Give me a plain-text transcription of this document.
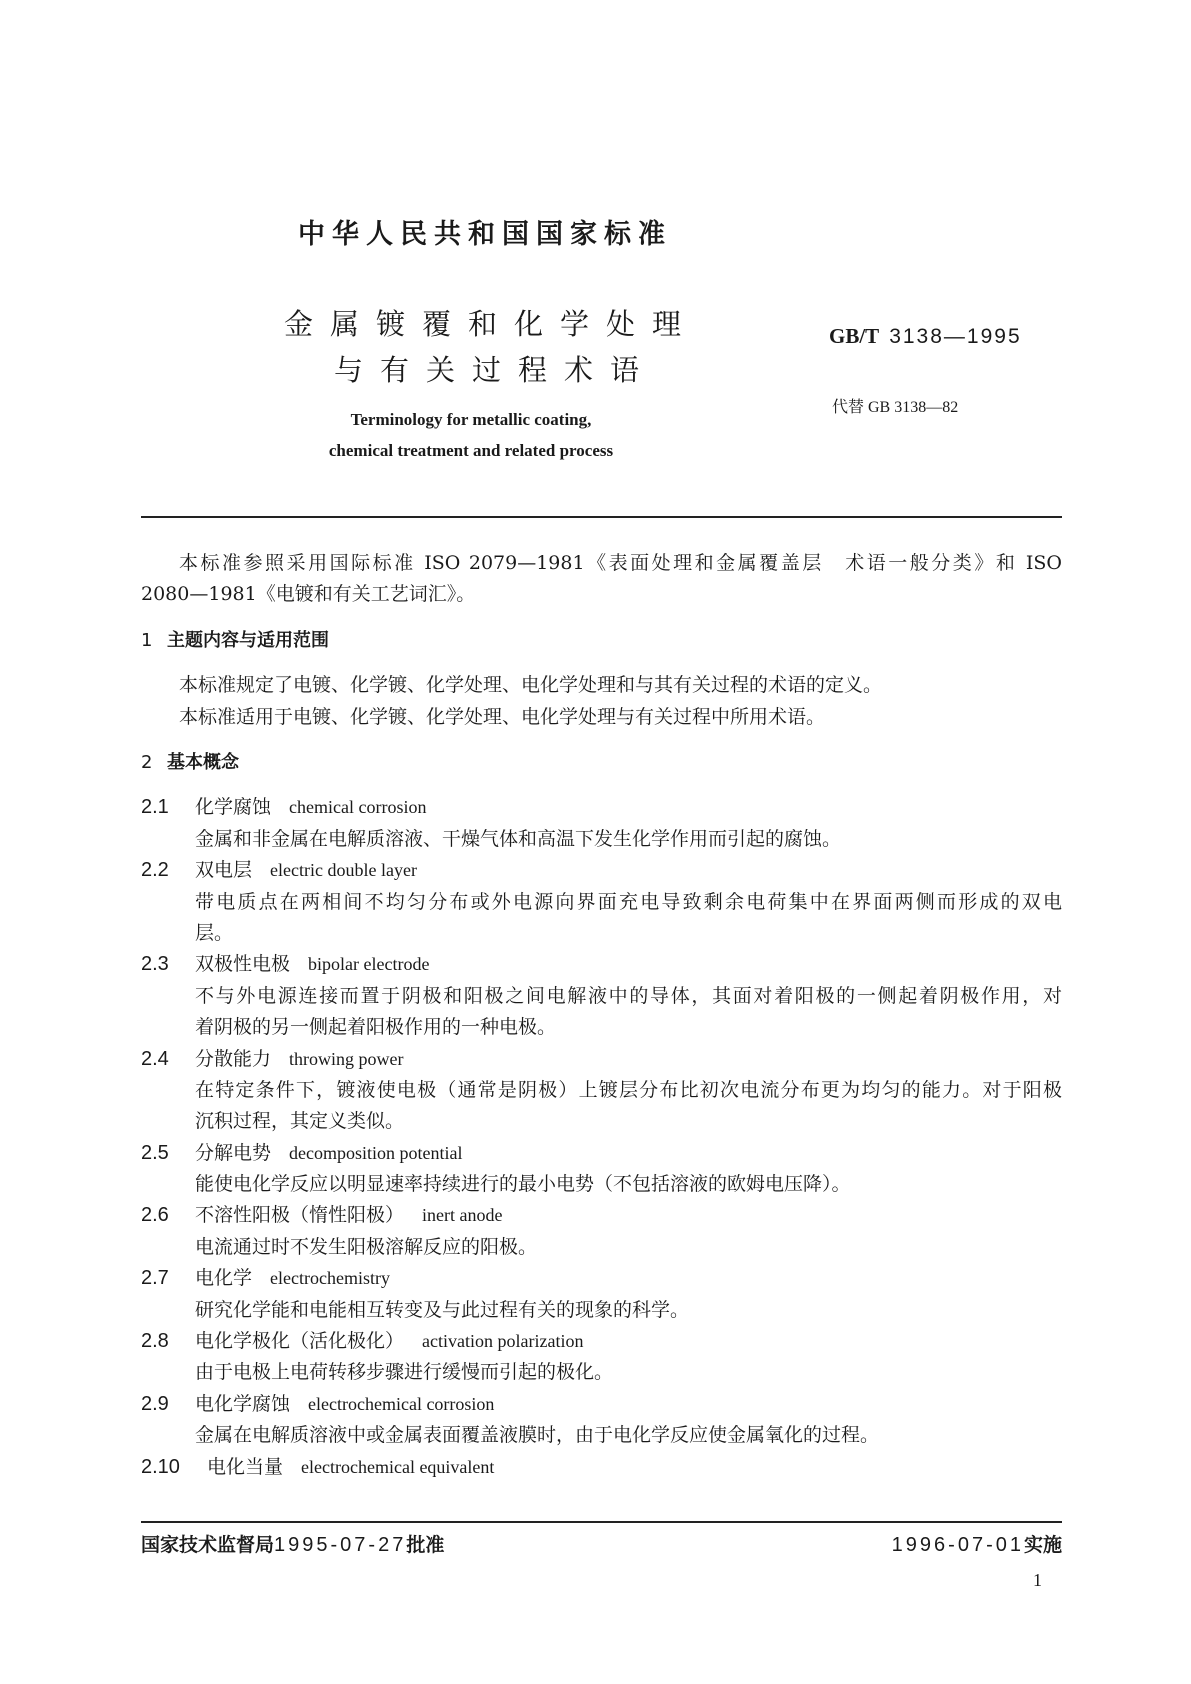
中华人民共和国国家标准
金属镀覆和化学处理
与有关过程术语
GB/T 3138—1995
代替 GB 3138—82
Terminology for metallic coating,
chemical treatment and related process
本标准参照采用国际标准 ISO 2079—1981《表面处理和金属覆盖层　术语一般分类》和 ISO
2080—1981《电镀和有关工艺词汇》。
1 主题内容与适用范围
本标准规定了电镀、化学镀、化学处理、电化学处理和与其有关过程的术语的定义。
本标准适用于电镀、化学镀、化学处理、电化学处理与有关过程中所用术语。
2 基本概念
2.1 化学腐蚀 chemical corrosion
金属和非金属在电解质溶液、干燥气体和高温下发生化学作用而引起的腐蚀。
2.2 双电层 electric double layer
带电质点在两相间不均匀分布或外电源向界面充电导致剩余电荷集中在界面两侧而形成的双电
层。
2.3 双极性电极 bipolar electrode
不与外电源连接而置于阴极和阳极之间电解液中的导体，其面对着阳极的一侧起着阴极作用，对
着阴极的另一侧起着阳极作用的一种电极。
2.4 分散能力 throwing power
在特定条件下，镀液使电极（通常是阴极）上镀层分布比初次电流分布更为均匀的能力。对于阳极
沉积过程，其定义类似。
2.5 分解电势 decomposition potential
能使电化学反应以明显速率持续进行的最小电势（不包括溶液的欧姆电压降）。
2.6 不溶性阳极（惰性阳极） inert anode
电流通过时不发生阳极溶解反应的阳极。
2.7 电化学 electrochemistry
研究化学能和电能相互转变及与此过程有关的现象的科学。
2.8 电化学极化（活化极化） activation polarization
由于电极上电荷转移步骤进行缓慢而引起的极化。
2.9 电化学腐蚀 electrochemical corrosion
金属在电解质溶液中或金属表面覆盖液膜时，由于电化学反应使金属氧化的过程。
2.10 电化当量 electrochemical equivalent
国家技术监督局1995-07-27批准	1996-07-01实施
1
